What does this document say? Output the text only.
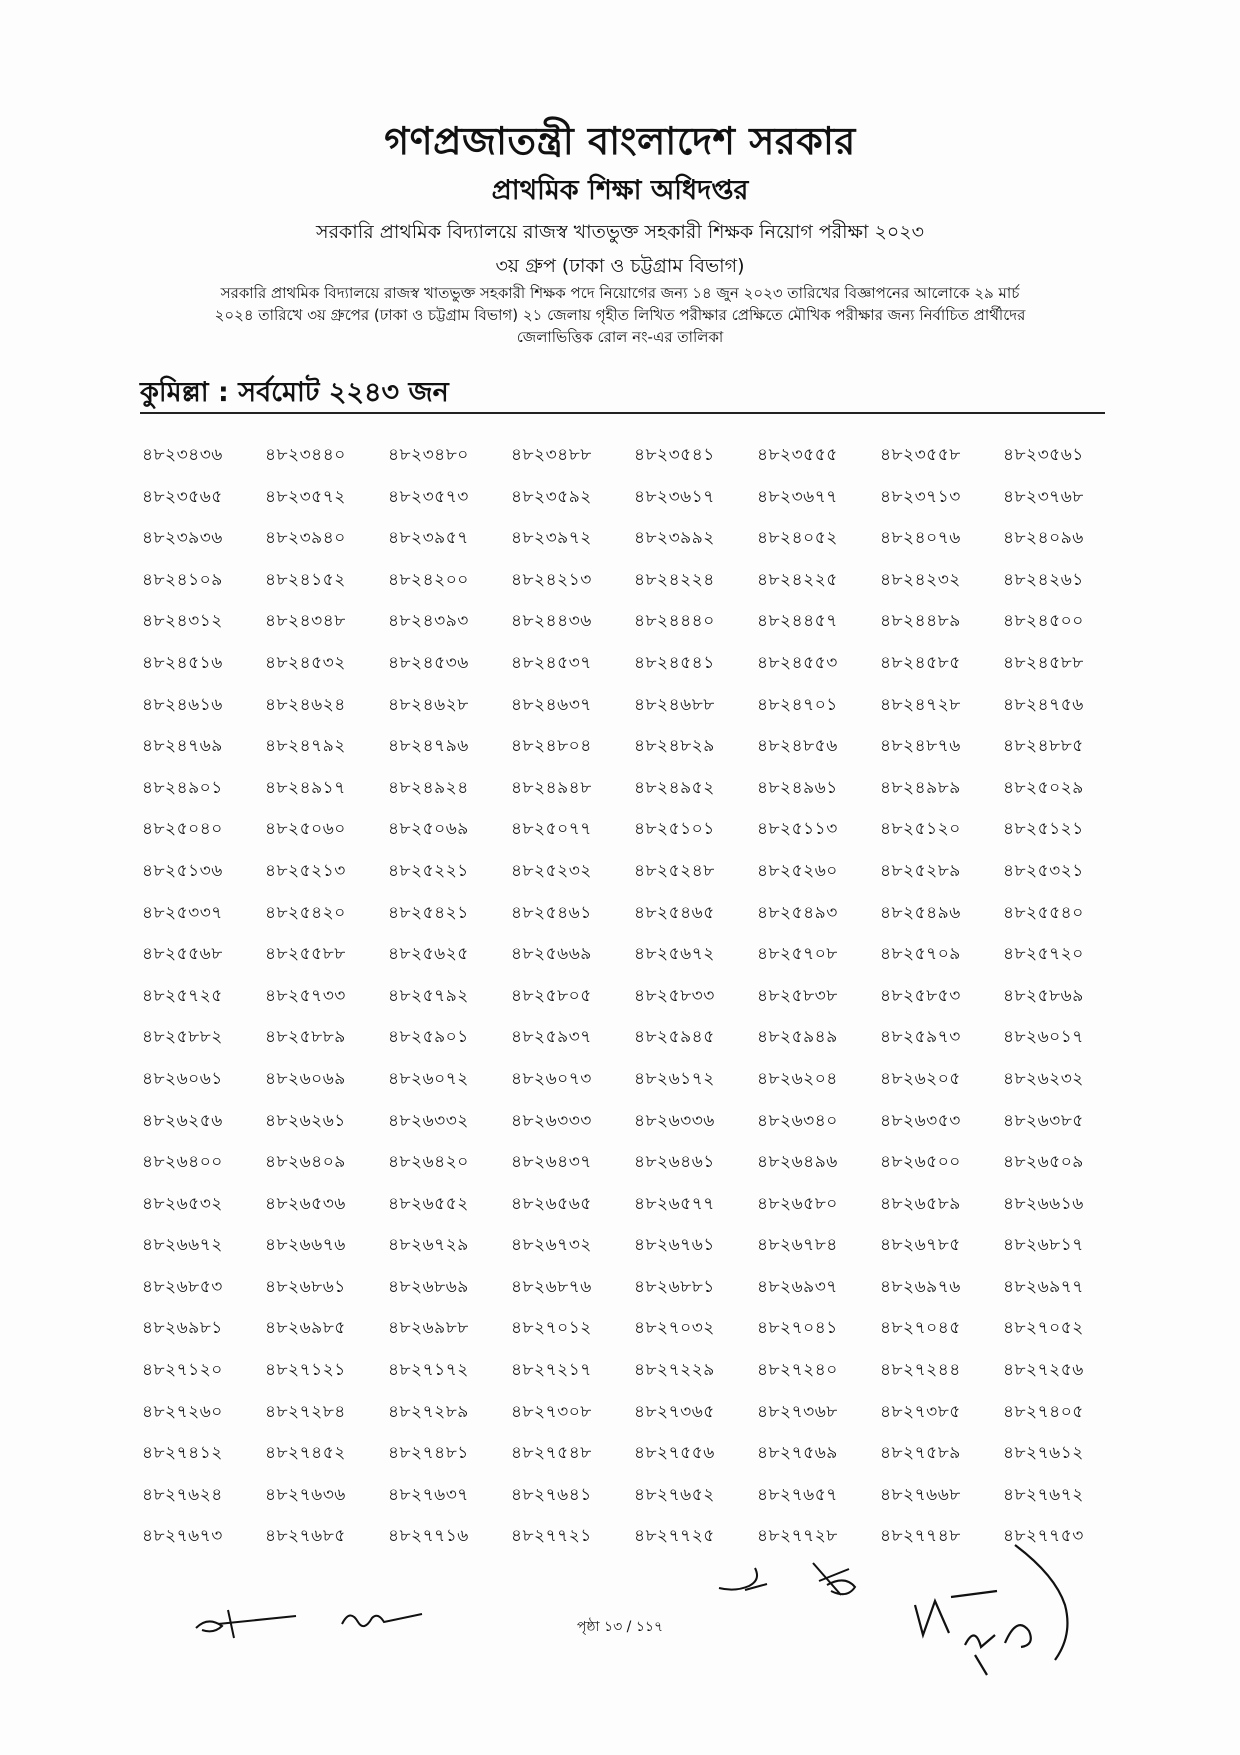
গণপ্রজাতন্ত্রী বাংলাদেশ সরকার
প্রাথমিক শিক্ষা অধিদপ্তর
সরকারি প্রাথমিক বিদ্যালয়ে রাজস্ব খাতভুক্ত সহকারী শিক্ষক নিয়োগ পরীক্ষা ২০২৩
৩য় গ্রুপ (ঢাকা ও চট্টগ্রাম বিভাগ)
সরকারি প্রাথমিক বিদ্যালয়ে রাজস্ব খাতভুক্ত সহকারী শিক্ষক পদে নিয়োগের জন্য ১৪ জুন ২০২৩ তারিখের বিজ্ঞাপনের আলোকে ২৯ মার্চ
২০২৪ তারিখে ৩য় গ্রুপের (ঢাকা ও চট্টগ্রাম বিভাগ) ২১ জেলায় গৃহীত লিখিত পরীক্ষার প্রেক্ষিতে মৌখিক পরীক্ষার জন্য নির্বাচিত প্রার্থীদের
জেলাভিত্তিক রোল নং-এর তালিকা
কুমিল্লা : সর্বমোট ২২৪৩ জন
৪৮২৩৪৩৬	৪৮২৩৪৪০	৪৮২৩৪৮০	৪৮২৩৪৮৮	৪৮২৩৫৪১	৪৮২৩৫৫৫	৪৮২৩৫৫৮	৪৮২৩৫৬১
৪৮২৩৫৬৫	৪৮২৩৫৭২	৪৮২৩৫৭৩	৪৮২৩৫৯২	৪৮২৩৬১৭	৪৮২৩৬৭৭	৪৮২৩৭১৩	৪৮২৩৭৬৮
৪৮২৩৯৩৬	৪৮২৩৯৪০	৪৮২৩৯৫৭	৪৮২৩৯৭২	৪৮২৩৯৯২	৪৮২৪০৫২	৪৮২৪০৭৬	৪৮২৪০৯৬
৪৮২৪১০৯	৪৮২৪১৫২	৪৮২৪২০০	৪৮২৪২১৩	৪৮২৪২২৪	৪৮২৪২২৫	৪৮২৪২৩২	৪৮২৪২৬১
৪৮২৪৩১২	৪৮২৪৩৪৮	৪৮২৪৩৯৩	৪৮২৪৪৩৬	৪৮২৪৪৪০	৪৮২৪৪৫৭	৪৮২৪৪৮৯	৪৮২৪৫০০
৪৮২৪৫১৬	৪৮২৪৫৩২	৪৮২৪৫৩৬	৪৮২৪৫৩৭	৪৮২৪৫৪১	৪৮২৪৫৫৩	৪৮২৪৫৮৫	৪৮২৪৫৮৮
৪৮২৪৬১৬	৪৮২৪৬২৪	৪৮২৪৬২৮	৪৮২৪৬৩৭	৪৮২৪৬৮৮	৪৮২৪৭০১	৪৮২৪৭২৮	৪৮২৪৭৫৬
৪৮২৪৭৬৯	৪৮২৪৭৯২	৪৮২৪৭৯৬	৪৮২৪৮০৪	৪৮২৪৮২৯	৪৮২৪৮৫৬	৪৮২৪৮৭৬	৪৮২৪৮৮৫
৪৮২৪৯০১	৪৮২৪৯১৭	৪৮২৪৯২৪	৪৮২৪৯৪৮	৪৮২৪৯৫২	৪৮২৪৯৬১	৪৮২৪৯৮৯	৪৮২৫০২৯
৪৮২৫০৪০	৪৮২৫০৬০	৪৮২৫০৬৯	৪৮২৫০৭৭	৪৮২৫১০১	৪৮২৫১১৩	৪৮২৫১২০	৪৮২৫১২১
৪৮২৫১৩৬	৪৮২৫২১৩	৪৮২৫২২১	৪৮২৫২৩২	৪৮২৫২৪৮	৪৮২৫২৬০	৪৮২৫২৮৯	৪৮২৫৩২১
৪৮২৫৩৩৭	৪৮২৫৪২০	৪৮২৫৪২১	৪৮২৫৪৬১	৪৮২৫৪৬৫	৪৮২৫৪৯৩	৪৮২৫৪৯৬	৪৮২৫৫৪০
৪৮২৫৫৬৮	৪৮২৫৫৮৮	৪৮২৫৬২৫	৪৮২৫৬৬৯	৪৮২৫৬৭২	৪৮২৫৭০৮	৪৮২৫৭০৯	৪৮২৫৭২০
৪৮২৫৭২৫	৪৮২৫৭৩৩	৪৮২৫৭৯২	৪৮২৫৮০৫	৪৮২৫৮৩৩	৪৮২৫৮৩৮	৪৮২৫৮৫৩	৪৮২৫৮৬৯
৪৮২৫৮৮২	৪৮২৫৮৮৯	৪৮২৫৯০১	৪৮২৫৯৩৭	৪৮২৫৯৪৫	৪৮২৫৯৪৯	৪৮২৫৯৭৩	৪৮২৬০১৭
৪৮২৬০৬১	৪৮২৬০৬৯	৪৮২৬০৭২	৪৮২৬০৭৩	৪৮২৬১৭২	৪৮২৬২০৪	৪৮২৬২০৫	৪৮২৬২৩২
৪৮২৬২৫৬	৪৮২৬২৬১	৪৮২৬৩৩২	৪৮২৬৩৩৩	৪৮২৬৩৩৬	৪৮২৬৩৪০	৪৮২৬৩৫৩	৪৮২৬৩৮৫
৪৮২৬৪০০	৪৮২৬৪০৯	৪৮২৬৪২০	৪৮২৬৪৩৭	৪৮২৬৪৬১	৪৮২৬৪৯৬	৪৮২৬৫০০	৪৮২৬৫০৯
৪৮২৬৫৩২	৪৮২৬৫৩৬	৪৮২৬৫৫২	৪৮২৬৫৬৫	৪৮২৬৫৭৭	৪৮২৬৫৮০	৪৮২৬৫৮৯	৪৮২৬৬১৬
৪৮২৬৬৭২	৪৮২৬৬৭৬	৪৮২৬৭২৯	৪৮২৬৭৩২	৪৮২৬৭৬১	৪৮২৬৭৮৪	৪৮২৬৭৮৫	৪৮২৬৮১৭
৪৮২৬৮৫৩	৪৮২৬৮৬১	৪৮২৬৮৬৯	৪৮২৬৮৭৬	৪৮২৬৮৮১	৪৮২৬৯৩৭	৪৮২৬৯৭৬	৪৮২৬৯৭৭
৪৮২৬৯৮১	৪৮২৬৯৮৫	৪৮২৬৯৮৮	৪৮২৭০১২	৪৮২৭০৩২	৪৮২৭০৪১	৪৮২৭০৪৫	৪৮২৭০৫২
৪৮২৭১২০	৪৮২৭১২১	৪৮২৭১৭২	৪৮২৭২১৭	৪৮২৭২২৯	৪৮২৭২৪০	৪৮২৭২৪৪	৪৮২৭২৫৬
৪৮২৭২৬০	৪৮২৭২৮৪	৪৮২৭২৮৯	৪৮২৭৩০৮	৪৮২৭৩৬৫	৪৮২৭৩৬৮	৪৮২৭৩৮৫	৪৮২৭৪০৫
৪৮২৭৪১২	৪৮২৭৪৫২	৪৮২৭৪৮১	৪৮২৭৫৪৮	৪৮২৭৫৫৬	৪৮২৭৫৬৯	৪৮২৭৫৮৯	৪৮২৭৬১২
৪৮২৭৬২৪	৪৮২৭৬৩৬	৪৮২৭৬৩৭	৪৮২৭৬৪১	৪৮২৭৬৫২	৪৮২৭৬৫৭	৪৮২৭৬৬৮	৪৮২৭৬৭২
৪৮২৭৬৭৩	৪৮২৭৬৮৫	৪৮২৭৭১৬	৪৮২৭৭২১	৪৮২৭৭২৫	৪৮২৭৭২৮	৪৮২৭৭৪৮	৪৮২৭৭৫৩
পৃষ্ঠা ১৩ / ১১৭
